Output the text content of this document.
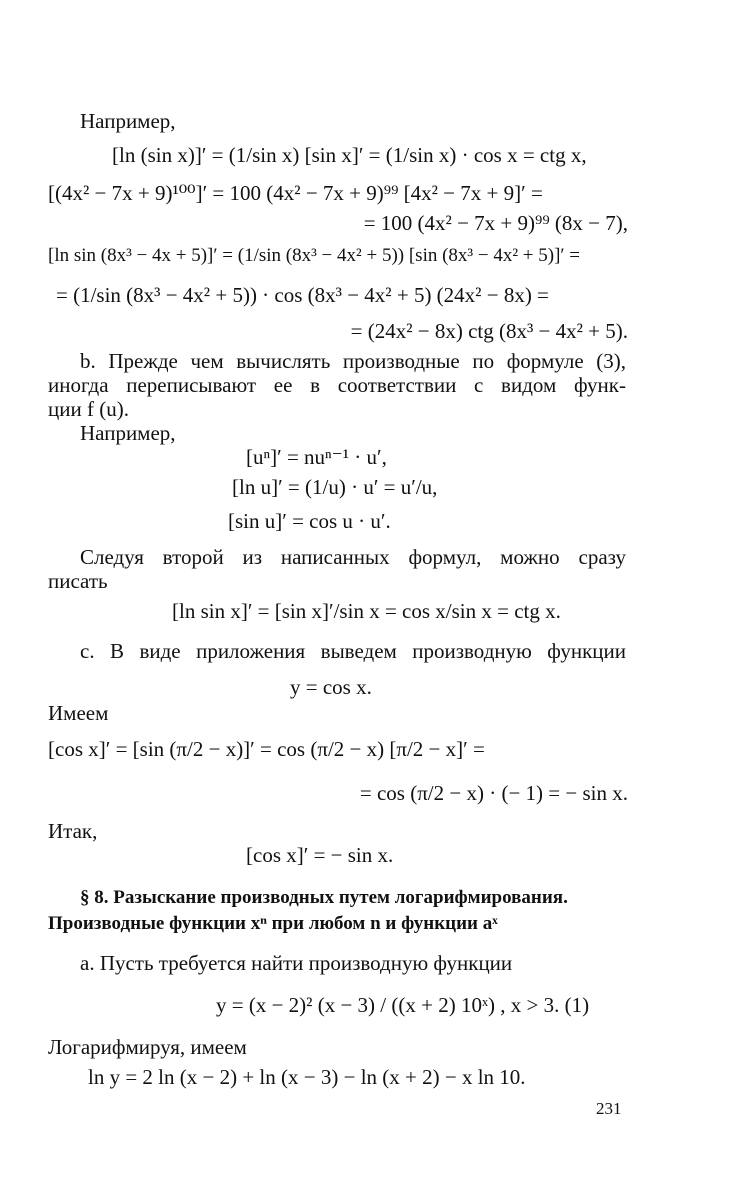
Например,
[ln (sin x)]′ = (1/sin x) [sin x]′ = (1/sin x) · cos x = ctg x,
[(4x² − 7x + 9)¹⁰⁰]′ = 100 (4x² − 7x + 9)⁹⁹ [4x² − 7x + 9]′ =
= 100 (4x² − 7x + 9)⁹⁹ (8x − 7),
[ln sin (8x³ − 4x + 5)]′ = (1/sin (8x³ − 4x² + 5)) [sin (8x³ − 4x² + 5)]′ =
= (1/sin (8x³ − 4x² + 5)) · cos (8x³ − 4x² + 5) (24x² − 8x) =
= (24x² − 8x) ctg (8x³ − 4x² + 5).
b. Прежде чем вычислять производные по формуле (3),
иногда переписывают ее в соответствии с видом функ-
ции f (u).
Например,
[uⁿ]′ = nuⁿ⁻¹ · u′,
[ln u]′ = (1/u) · u′ = u′/u,
[sin u]′ = cos u · u′.
Следуя второй из написанных формул, можно сразу
писать
[ln sin x]′ = [sin x]′/sin x = cos x/sin x = ctg x.
с. В виде приложения выведем производную функции
y = cos x.
Имеем
[cos x]′ = [sin (π/2 − x)]′ = cos (π/2 − x) [π/2 − x]′ =
= cos (π/2 − x) · (− 1) = − sin x.
Итак,
[cos x]′ = − sin x.
§ 8. Разыскание производных путем логарифмирования.
Производные функции xⁿ при любом n и функции aˣ
а. Пусть требуется найти производную функции
y = (x − 2)² (x − 3) / ((x + 2) 10ˣ) , x > 3. (1)
Логарифмируя, имеем
ln y = 2 ln (x − 2) + ln (x − 3) − ln (x + 2) − x ln 10.
231
